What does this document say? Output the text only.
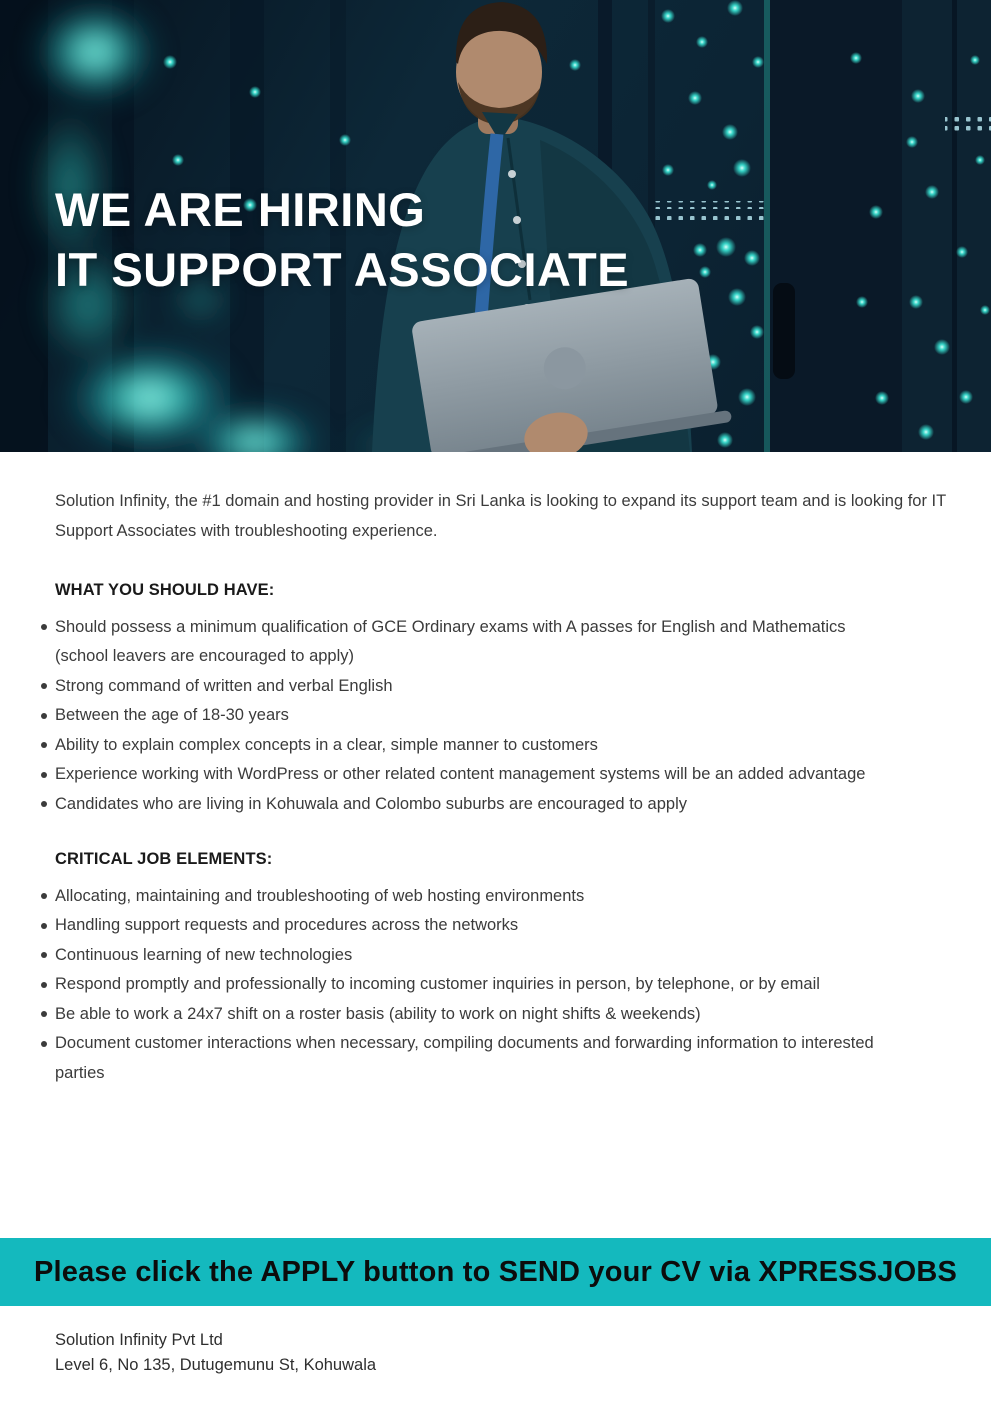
WE ARE HIRING
IT SUPPORT ASSOCIATE
Solution Infinity, the #1 domain and hosting provider in Sri Lanka is looking to expand its support team and is looking for IT Support Associates with troubleshooting experience.
WHAT YOU SHOULD HAVE:
Should possess a minimum qualification of GCE Ordinary exams with A passes for English and Mathematics (school leavers are encouraged to apply)
Strong command of written and verbal English
Between the age of 18-30 years
Ability to explain complex concepts in a clear, simple manner to customers
Experience working with WordPress or other related content management systems will be an added advantage
Candidates who are living in Kohuwala and Colombo suburbs are encouraged to apply
CRITICAL JOB ELEMENTS:
Allocating, maintaining and troubleshooting of web hosting environments
Handling support requests and procedures across the networks
Continuous learning of new technologies
Respond promptly and professionally to incoming customer inquiries in person, by telephone, or by email
Be able to work a 24x7 shift on a roster basis (ability to work on night shifts & weekends)
Document customer interactions when necessary, compiling documents and forwarding information to interested parties
Please click the APPLY button to SEND your CV via XPRESSJOBS
Solution Infinity Pvt Ltd
Level 6, No 135, Dutugemunu St, Kohuwala
